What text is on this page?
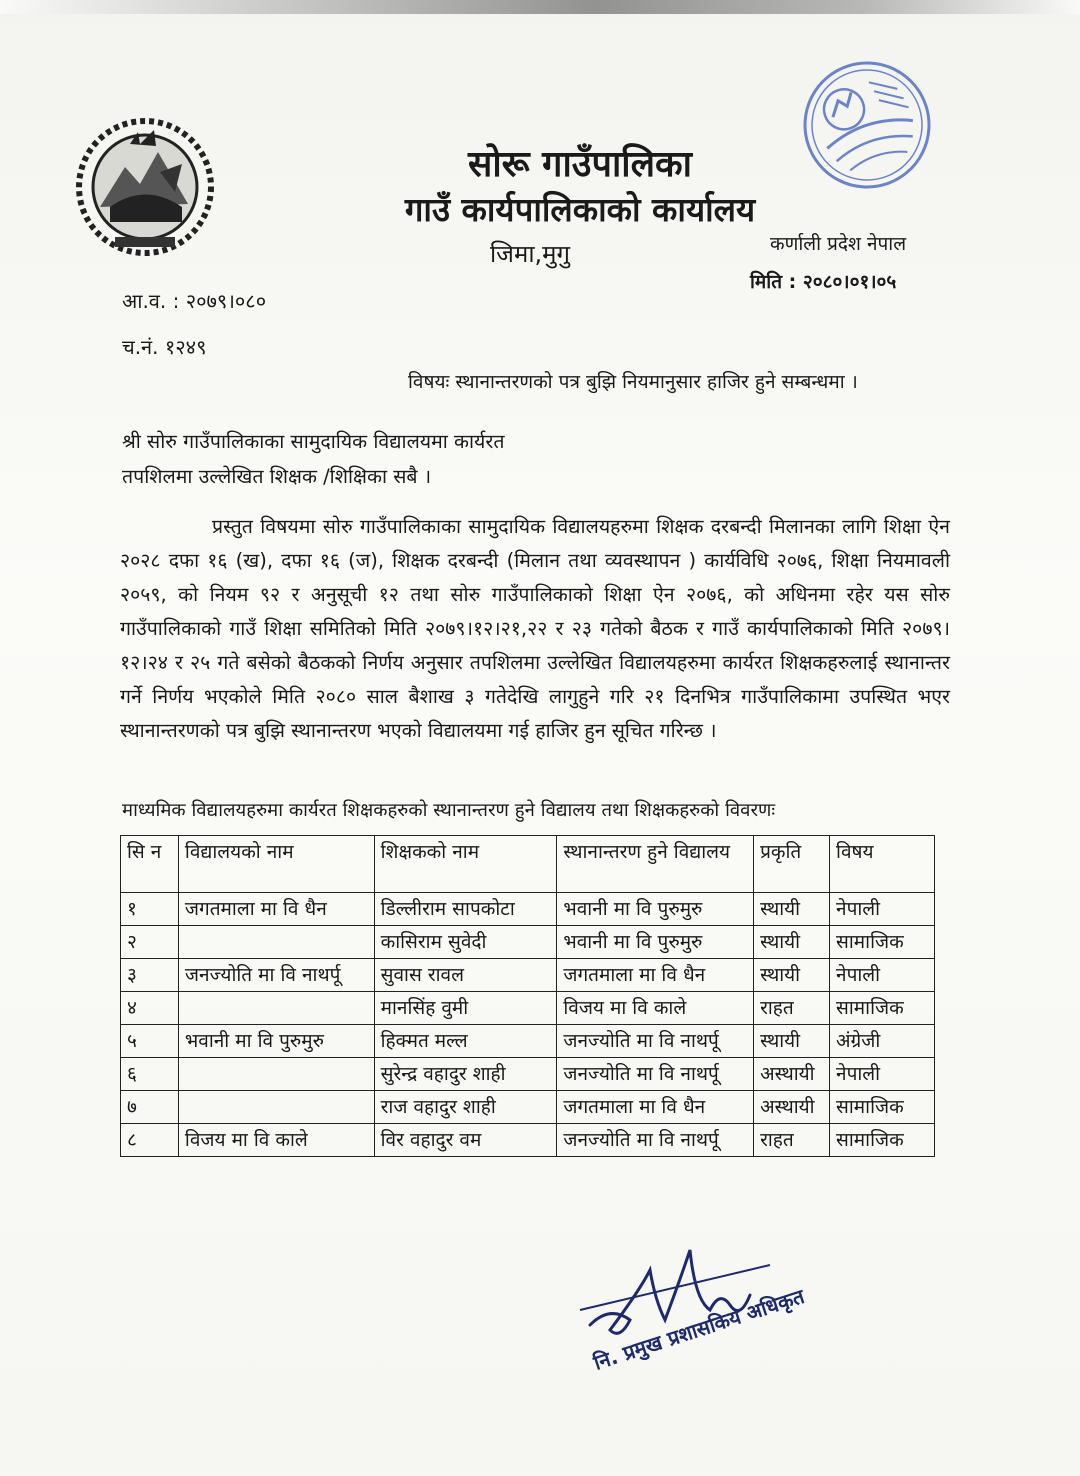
सोरू गाउँपालिका
गाउँ कार्यपालिकाको कार्यालय
जिमा,मुगु	कर्णाली प्रदेश नेपाल
मिति : २०८०।०१।०५
आ.व. : २०७९।०८०
च.नं. १२४९
विषयः स्थानान्तरणको पत्र बुझि नियमानुसार हाजिर हुने सम्बन्धमा ।
श्री सोरु गाउँपालिकाका सामुदायिक विद्यालयमा कार्यरत
तपशिलमा उल्लेखित शिक्षक /शिक्षिका सबै ।

प्रस्तुत विषयमा सोरु गाउँपालिकाका सामुदायिक विद्यालयहरुमा शिक्षक दरबन्दी मिलानका लागि शिक्षा ऐन २०२८ दफा १६ (ख), दफा १६ (ज), शिक्षक दरबन्दी (मिलान तथा व्यवस्थापन ) कार्यविधि २०७६, शिक्षा नियमावली २०५९, को नियम ९२ र अनुसूची १२ तथा सोरु गाउँपालिकाको शिक्षा ऐन २०७६, को अधिनमा रहेर यस सोरु गाउँपालिकाको गाउँ शिक्षा समितिको मिति २०७९।१२।२१,२२ र २३ गतेको बैठक र गाउँ कार्यपालिकाको मिति २०७९।१२।२४ र २५ गते बसेको बैठकको निर्णय अनुसार तपशिलमा उल्लेखित विद्यालयहरुमा कार्यरत शिक्षकहरुलाई स्थानान्तर गर्ने निर्णय भएकोले मिति २०८० साल बैशाख ३ गतेदेखि लागुहुने गरि २१ दिनभित्र गाउँपालिकामा उपस्थित भएर स्थानान्तरणको पत्र बुझि स्थानान्तरण भएको विद्यालयमा गई हाजिर हुन सूचित गरिन्छ ।

माध्यमिक विद्यालयहरुमा कार्यरत शिक्षकहरुको स्थानान्तरण हुने विद्यालय तथा शिक्षकहरुको विवरणः
सि न	विद्यालयको नाम	शिक्षकको नाम	स्थानान्तरण हुने विद्यालय	प्रकृति	विषय
१	जगतमाला मा वि धैन	डिल्लीराम सापकोटा	भवानी मा वि पुरुमुरु	स्थायी	नेपाली
२		कासिराम सुवेदी	भवानी मा वि पुरुमुरु	स्थायी	सामाजिक
३	जनज्योति मा वि नाथर्पू	सुवास रावल	जगतमाला मा वि धैन	स्थायी	नेपाली
४		मानसिंह वुमी	विजय मा वि काले	राहत	सामाजिक
५	भवानी मा वि पुरुमुरु	हिक्मत मल्ल	जनज्योति मा वि नाथर्पू	स्थायी	अंग्रेजी
६		सुरेन्द्र वहादुर शाही	जनज्योति मा वि नाथर्पू	अस्थायी	नेपाली
७		राज वहादुर शाही	जगतमाला मा वि धैन	अस्थायी	सामाजिक
८	विजय मा वि काले	विर वहादुर वम	जनज्योति मा वि नाथर्पू	राहत	सामाजिक
नि. प्रमुख प्रशासकिय अधिकृत
